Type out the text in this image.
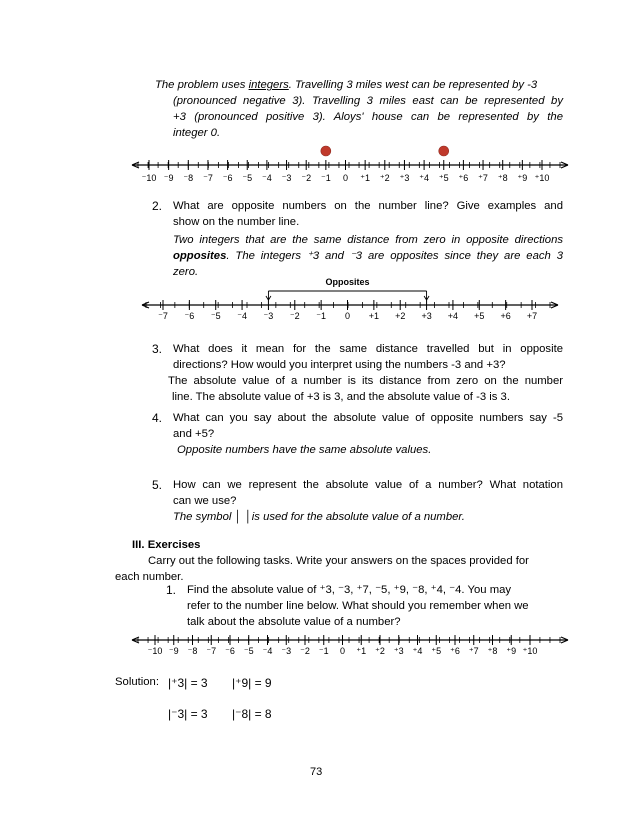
The problem uses integers. Travelling 3 miles west can be represented by -3
(pronounced negative 3). Travelling 3 miles east can be represented by
+3 (pronounced positive 3). Aloys' house can be represented by the
integer 0.
⁻10 ⁻9 ⁻8 ⁻7 ⁻6 ⁻5 ⁻4 ⁻3 ⁻2 ⁻1 0 ⁺1 ⁺2 ⁺3 ⁺4 ⁺5 ⁺6 ⁺7 ⁺8 ⁺9 ⁺10
2. What are opposite numbers on the number line? Give examples and
show on the number line.
Two integers that are the same distance from zero in opposite directions
opposites. The integers ⁺3 and ⁻3 are opposites since they are each 3
zero.
⁻7 ⁻6 ⁻5 ⁻4 ⁻3 ⁻2 ⁻1 0 +1 +2 +3 +4 +5 +6 +7
Opposites
3. What does it mean for the same distance travelled but in opposite
directions? How would you interpret using the numbers -3 and +3?
The absolute value of a number is its distance from zero on the number
line. The absolute value of +3 is 3, and the absolute value of -3 is 3.
4. What can you say about the absolute value of opposite numbers say -5
and +5?
Opposite numbers have the same absolute values.
5. How can we represent the absolute value of a number? What notation
can we use?
The symbol │ │is used for the absolute value of a number.
III. Exercises
Carry out the following tasks. Write your answers on the spaces provided for
each number.
1. Find the absolute value of ⁺3, ⁻3, ⁺7, ⁻5, ⁺9, ⁻8, ⁺4, ⁻4. You may
refer to the number line below. What should you remember when we
talk about the absolute value of a number?
⁻10 ⁻9 ⁻8 ⁻7 ⁻6 ⁻5 ⁻4 ⁻3 ⁻2 ⁻1 0 ⁺1 ⁺2 ⁺3 ⁺4 ⁺5 ⁺6 ⁺7 ⁺8 ⁺9 ⁺10
Solution: |⁺3| = 3 |⁺9| = 9
|⁻3| = 3 |⁻8| = 8
73
